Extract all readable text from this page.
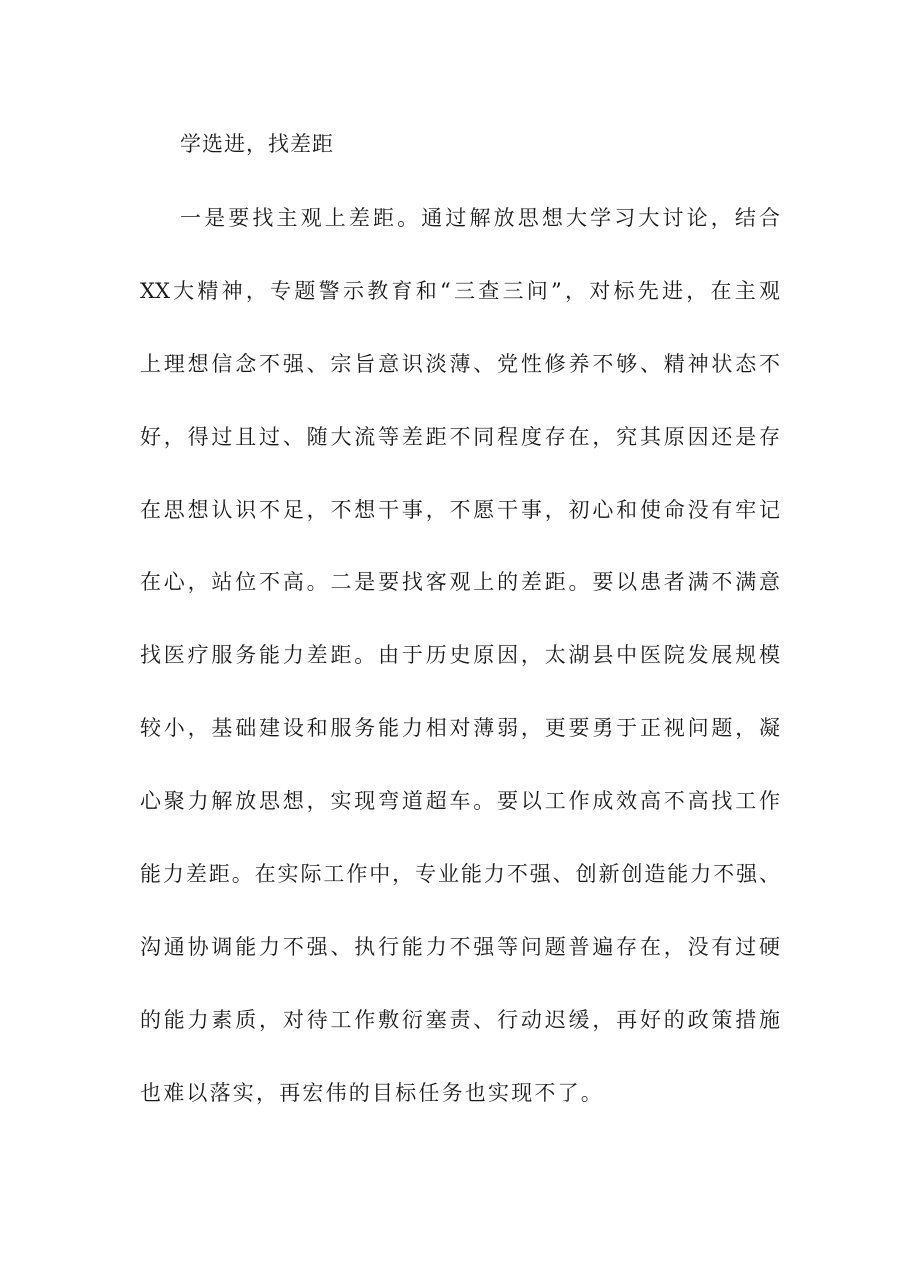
学选进，找差距
一是要找主观上差距。通过解放思想大学习大讨论，结合
XX大精神，专题警示教育和“三查三问”，对标先进，在主观
上理想信念不强、宗旨意识淡薄、党性修养不够、精神状态不
好，得过且过、随大流等差距不同程度存在，究其原因还是存
在思想认识不足，不想干事，不愿干事，初心和使命没有牢记
在心，站位不高。二是要找客观上的差距。要以患者满不满意
找医疗服务能力差距。由于历史原因，太湖县中医院发展规模
较小，基础建设和服务能力相对薄弱，更要勇于正视问题，凝
心聚力解放思想，实现弯道超车。要以工作成效高不高找工作
能力差距。在实际工作中，专业能力不强、创新创造能力不强、
沟通协调能力不强、执行能力不强等问题普遍存在，没有过硬
的能力素质，对待工作敷衍塞责、行动迟缓，再好的政策措施
也难以落实，再宏伟的目标任务也实现不了。
